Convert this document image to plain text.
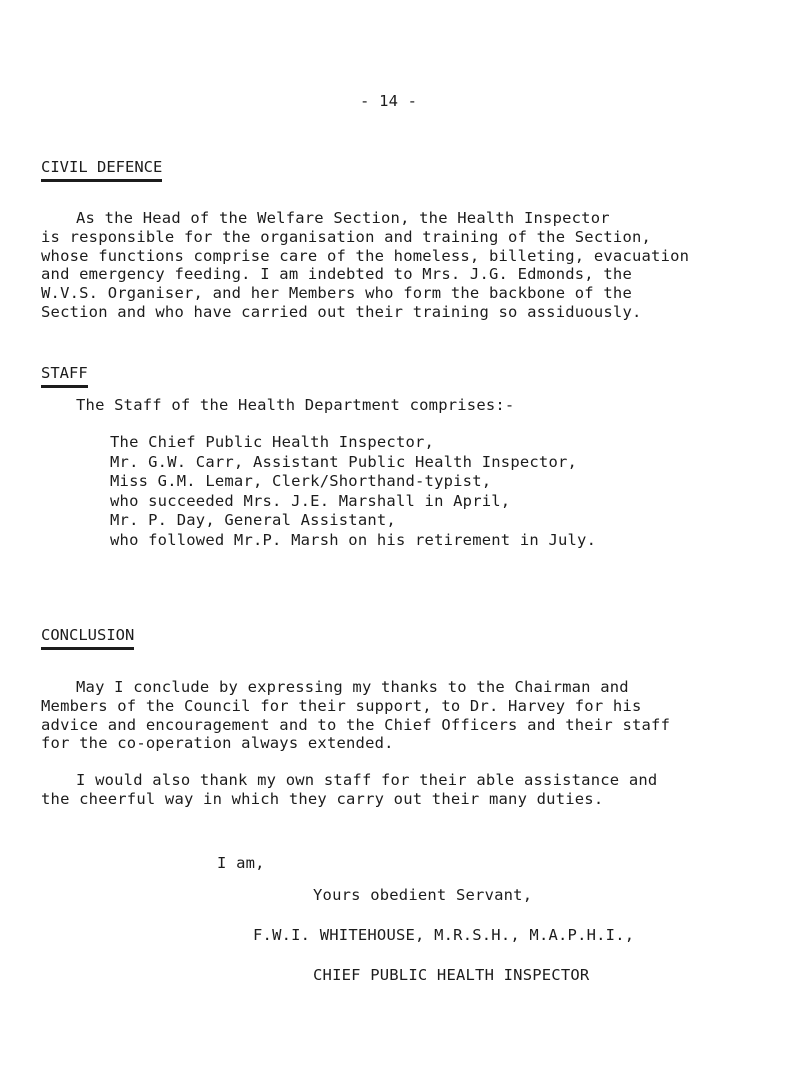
- 14 -
CIVIL DEFENCE
As the Head of the Welfare Section, the Health Inspector
is responsible for the organisation and training of the Section,
whose functions comprise care of the homeless, billeting, evacuation
and emergency feeding. I am indebted to Mrs. J.G. Edmonds, the
W.V.S. Organiser, and her Members who form the backbone of the
Section and who have carried out their training so assiduously.
STAFF
The Staff of the Health Department comprises:-
The Chief Public Health Inspector,
Mr. G.W. Carr, Assistant Public Health Inspector,
Miss G.M. Lemar, Clerk/Shorthand-typist,
who succeeded Mrs. J.E. Marshall in April,
Mr. P. Day, General Assistant,
who followed Mr.P. Marsh on his retirement in July.
CONCLUSION
May I conclude by expressing my thanks to the Chairman and
Members of the Council for their support, to Dr. Harvey for his
advice and encouragement and to the Chief Officers and their staff
for the co-operation always extended.
I would also thank my own staff for their able assistance and
the cheerful way in which they carry out their many duties.
I am,
Yours obedient Servant,
F.W.I. WHITEHOUSE, M.R.S.H., M.A.P.H.I.,
CHIEF PUBLIC HEALTH INSPECTOR
